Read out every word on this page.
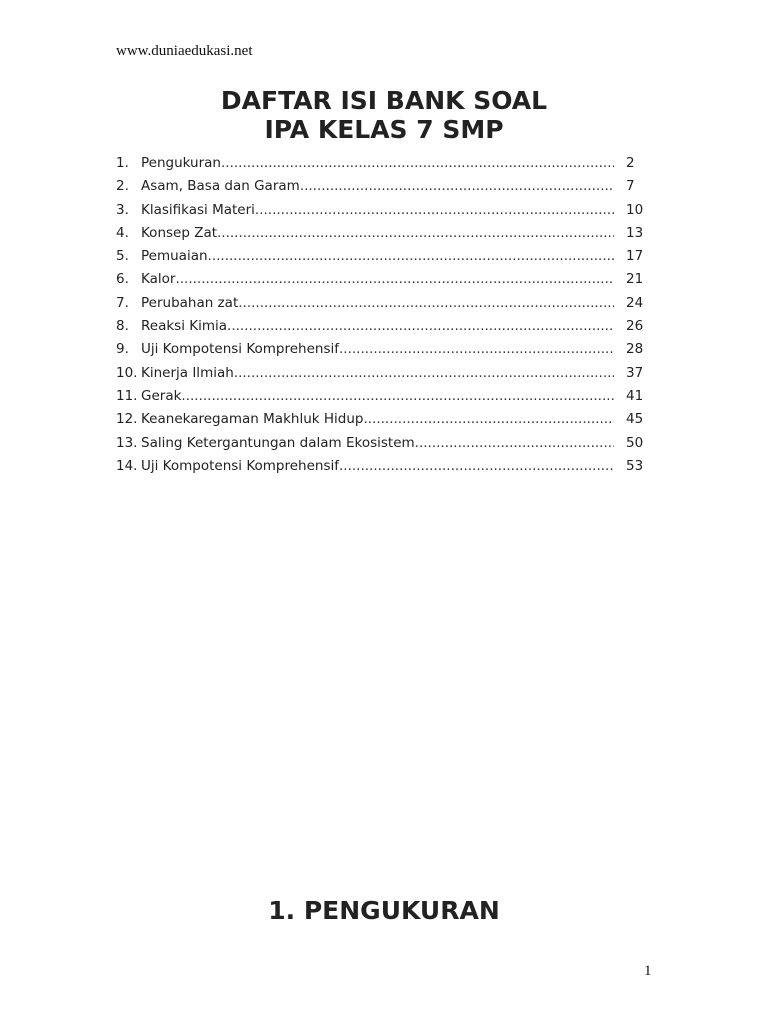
www.duniaedukasi.net
DAFTAR ISI BANK SOAL
IPA KELAS 7 SMP
1. Pengukuran .....	2
2. Asam, Basa dan Garam .....	7
3. Klasifikasi Materi .....	10
4. Konsep Zat .....	13
5. Pemuaian .....	17
6. Kalor .....	21
7. Perubahan zat .....	24
8. Reaksi Kimia .....	26
9. Uji Kompotensi Komprehensif .....	28
10. Kinerja Ilmiah .....	37
11. Gerak .....	41
12. Keanekaregaman Makhluk Hidup .....	45
13. Saling Ketergantungan dalam Ekosistem .....	50
14. Uji Kompotensi Komprehensif .....	53
1. PENGUKURAN
1
